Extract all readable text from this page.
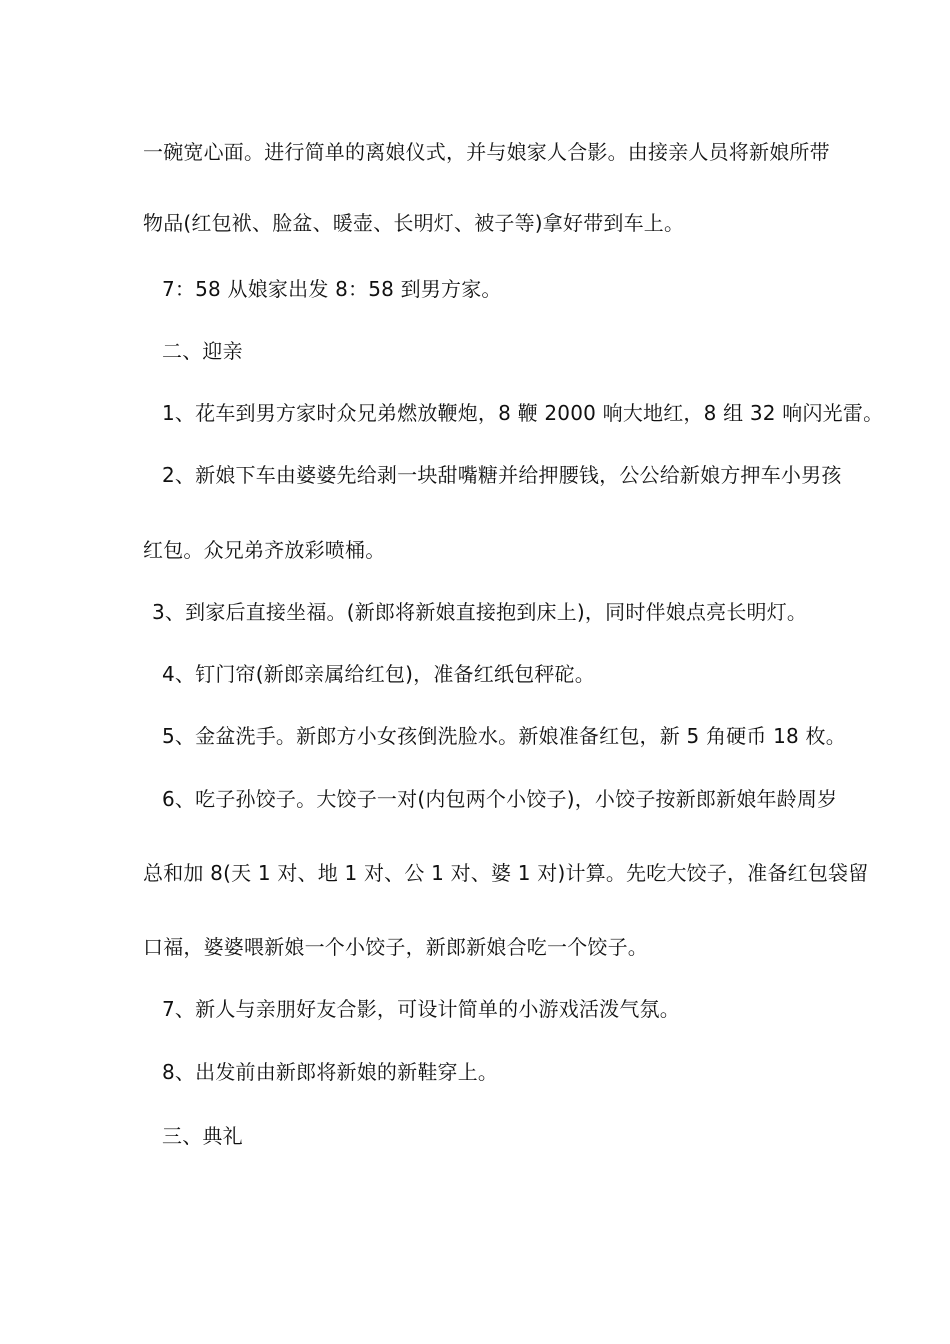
一碗宽心面。进行简单的离娘仪式，并与娘家人合影。由接亲人员将新娘所带
物品(红包袱、脸盆、暖壶、长明灯、被子等)拿好带到车上。
7：58 从娘家出发 8：58 到男方家。
二、迎亲
1、花车到男方家时众兄弟燃放鞭炮，8 鞭 2000 响大地红，8 组 32 响闪光雷。
2、新娘下车由婆婆先给剥一块甜嘴糖并给押腰钱，公公给新娘方押车小男孩
红包。众兄弟齐放彩喷桶。
3、到家后直接坐福。(新郎将新娘直接抱到床上)，同时伴娘点亮长明灯。
4、钉门帘(新郎亲属给红包)，准备红纸包秤砣。
5、金盆洗手。新郎方小女孩倒洗脸水。新娘准备红包，新 5 角硬币 18 枚。
6、吃子孙饺子。大饺子一对(内包两个小饺子)，小饺子按新郎新娘年龄周岁
总和加 8(天 1 对、地 1 对、公 1 对、婆 1 对)计算。先吃大饺子，准备红包袋留
口福，婆婆喂新娘一个小饺子，新郎新娘合吃一个饺子。
7、新人与亲朋好友合影，可设计简单的小游戏活泼气氛。
8、出发前由新郎将新娘的新鞋穿上。
三、典礼
